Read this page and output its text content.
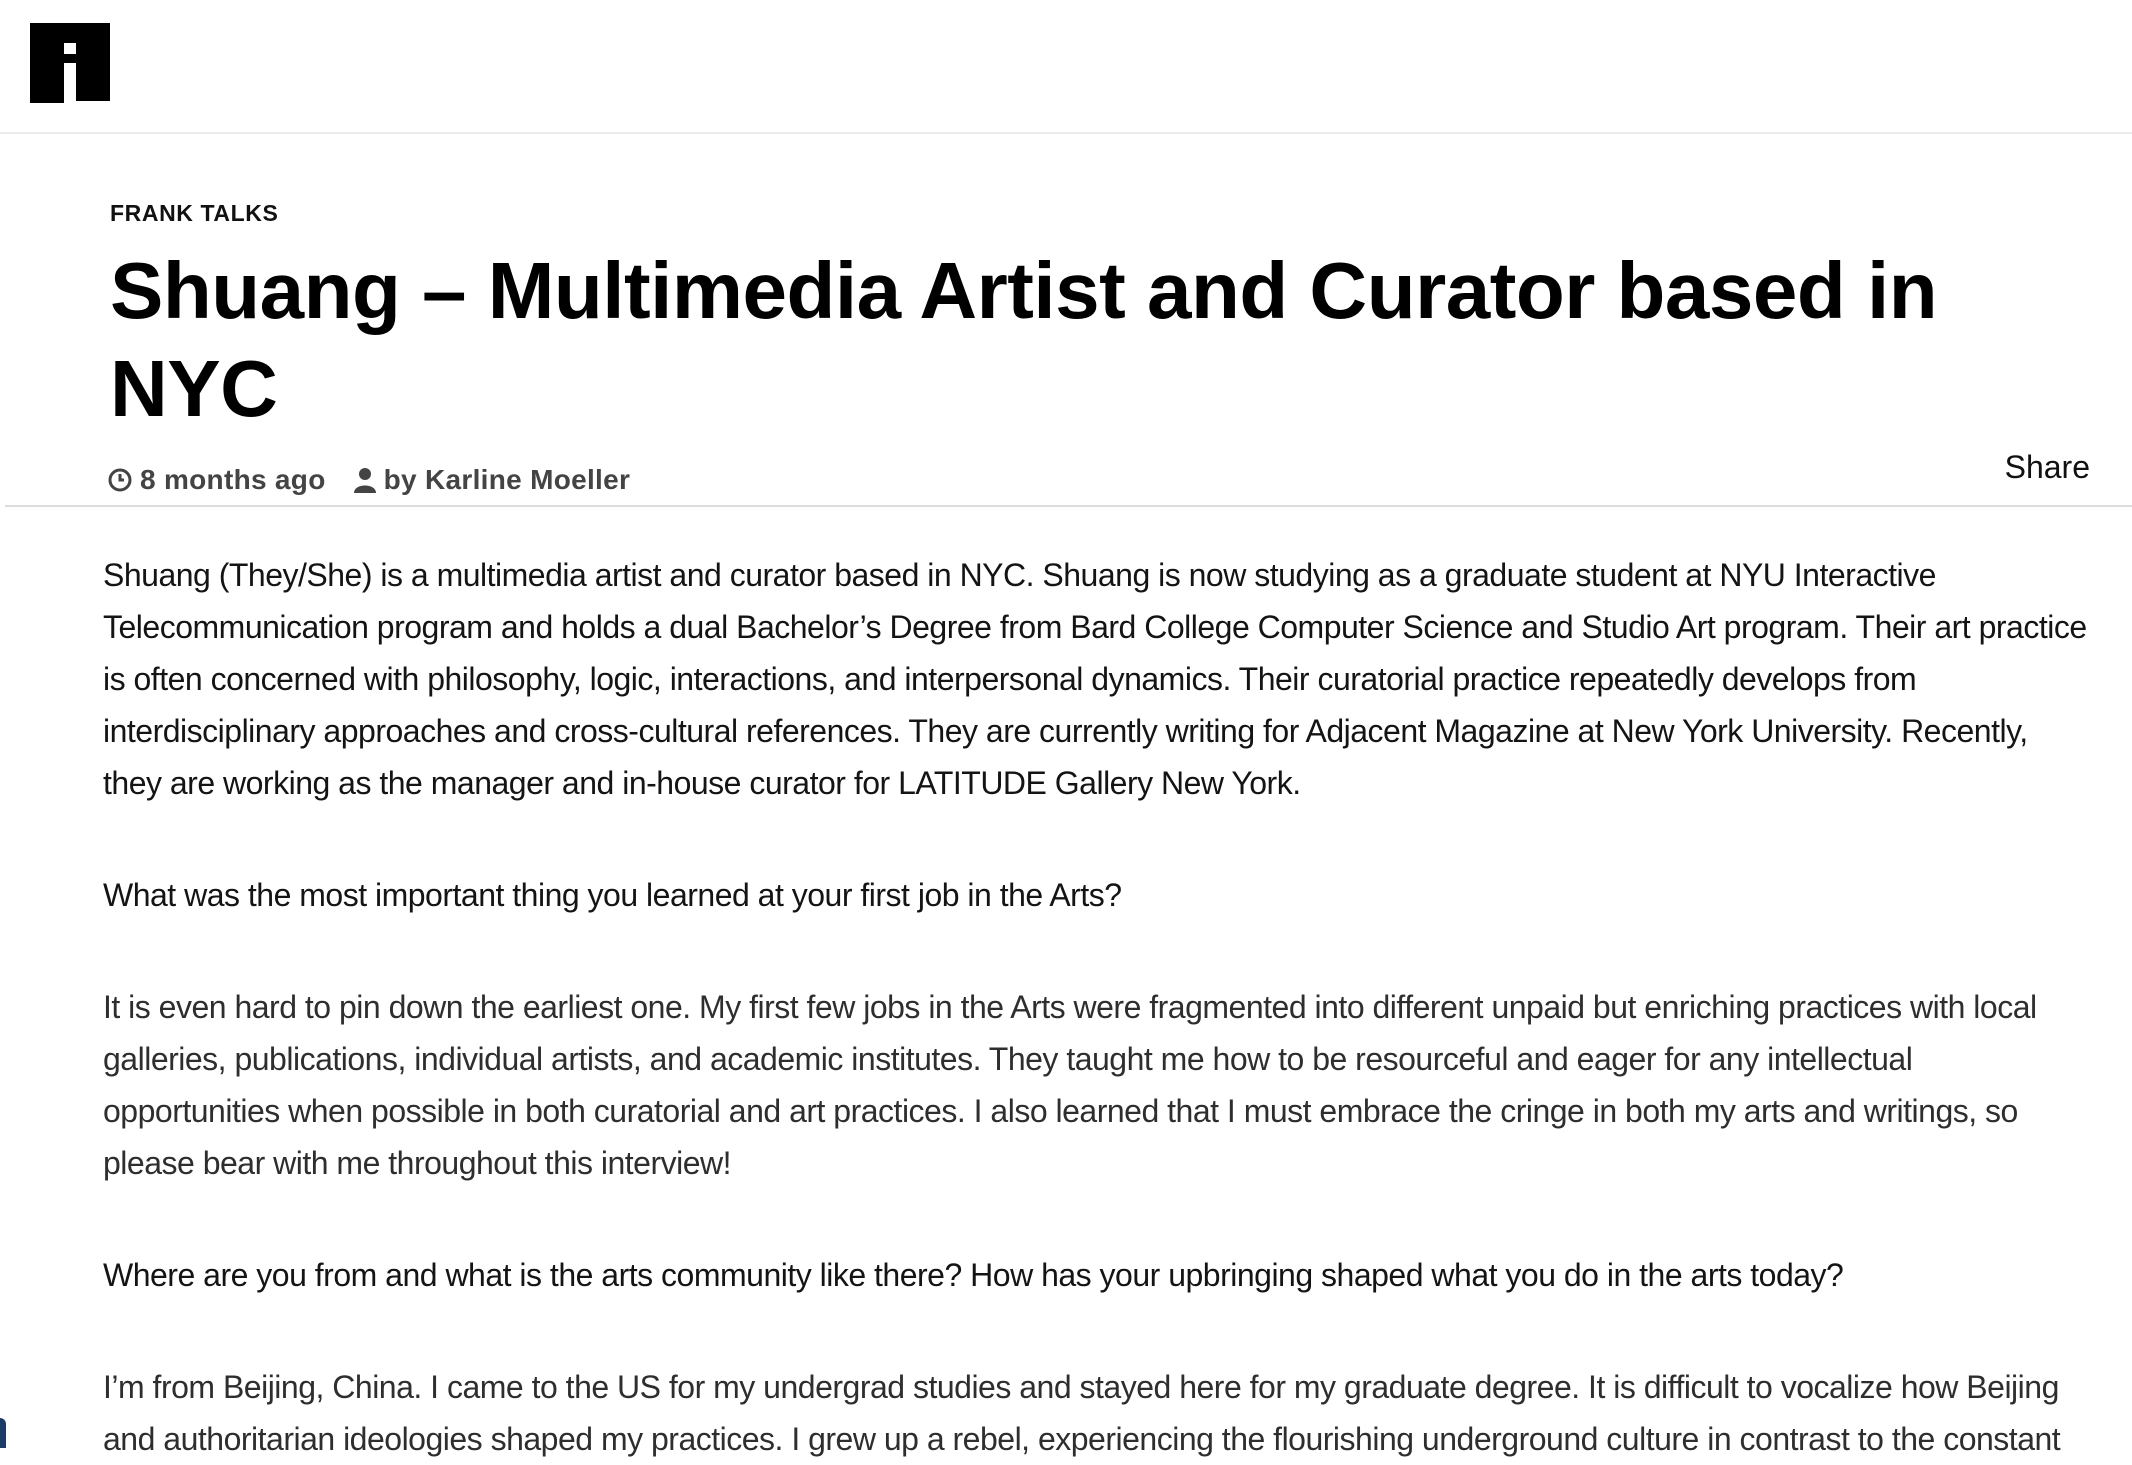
FRANK TALKS
Shuang – Multimedia Artist and Curator based in NYC
8 months ago by Karline Moeller	Share

Shuang (They/She) is a multimedia artist and curator based in NYC. Shuang is now studying as a graduate student at NYU Interactive Telecommunication program and holds a dual Bachelor’s Degree from Bard College Computer Science and Studio Art program. Their art practice is often concerned with philosophy, logic, interactions, and interpersonal dynamics. Their curatorial practice repeatedly develops from interdisciplinary approaches and cross-cultural references. They are currently writing for Adjacent Magazine at New York University. Recently, they are working as the manager and in-house curator for LATITUDE Gallery New York.

What was the most important thing you learned at your first job in the Arts?

It is even hard to pin down the earliest one. My first few jobs in the Arts were fragmented into different unpaid but enriching practices with local galleries, publications, individual artists, and academic institutes. They taught me how to be resourceful and eager for any intellectual opportunities when possible in both curatorial and art practices. I also learned that I must embrace the cringe in both my arts and writings, so please bear with me throughout this interview!

Where are you from and what is the arts community like there? How has your upbringing shaped what you do in the arts today?

I’m from Beijing, China. I came to the US for my undergrad studies and stayed here for my graduate degree. It is difficult to vocalize how Beijing and authoritarian ideologies shaped my practices. I grew up a rebel, experiencing the flourishing underground culture in contrast to the constant
